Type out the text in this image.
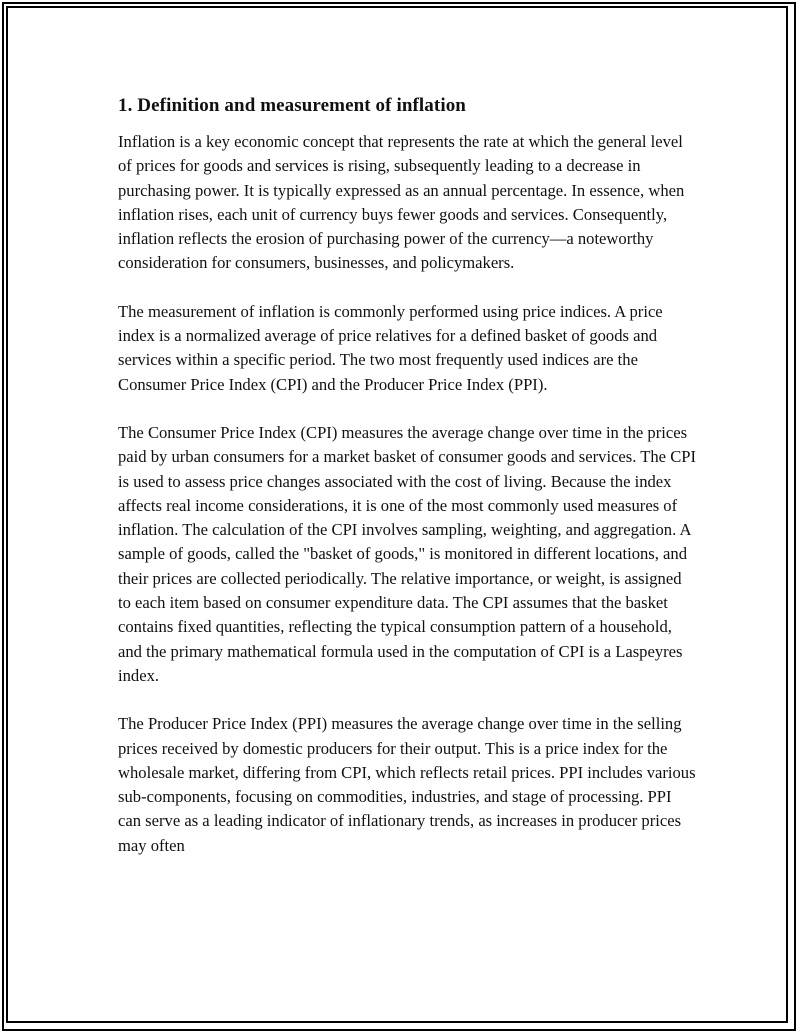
1. Definition and measurement of inflation

Inflation is a key economic concept that represents the rate at which the general level of prices for goods and services is rising, subsequently leading to a decrease in purchasing power. It is typically expressed as an annual percentage. In essence, when inflation rises, each unit of currency buys fewer goods and services. Consequently, inflation reflects the erosion of purchasing power of the currency—a noteworthy consideration for consumers, businesses, and policymakers.

The measurement of inflation is commonly performed using price indices. A price index is a normalized average of price relatives for a defined basket of goods and services within a specific period. The two most frequently used indices are the Consumer Price Index (CPI) and the Producer Price Index (PPI).

The Consumer Price Index (CPI) measures the average change over time in the prices paid by urban consumers for a market basket of consumer goods and services. The CPI is used to assess price changes associated with the cost of living. Because the index affects real income considerations, it is one of the most commonly used measures of inflation. The calculation of the CPI involves sampling, weighting, and aggregation. A sample of goods, called the "basket of goods," is monitored in different locations, and their prices are collected periodically. The relative importance, or weight, is assigned to each item based on consumer expenditure data. The CPI assumes that the basket contains fixed quantities, reflecting the typical consumption pattern of a household, and the primary mathematical formula used in the computation of CPI is a Laspeyres index.

The Producer Price Index (PPI) measures the average change over time in the selling prices received by domestic producers for their output. This is a price index for the wholesale market, differing from CPI, which reflects retail prices. PPI includes various sub-components, focusing on commodities, industries, and stage of processing. PPI can serve as a leading indicator of inflationary trends, as increases in producer prices may often
